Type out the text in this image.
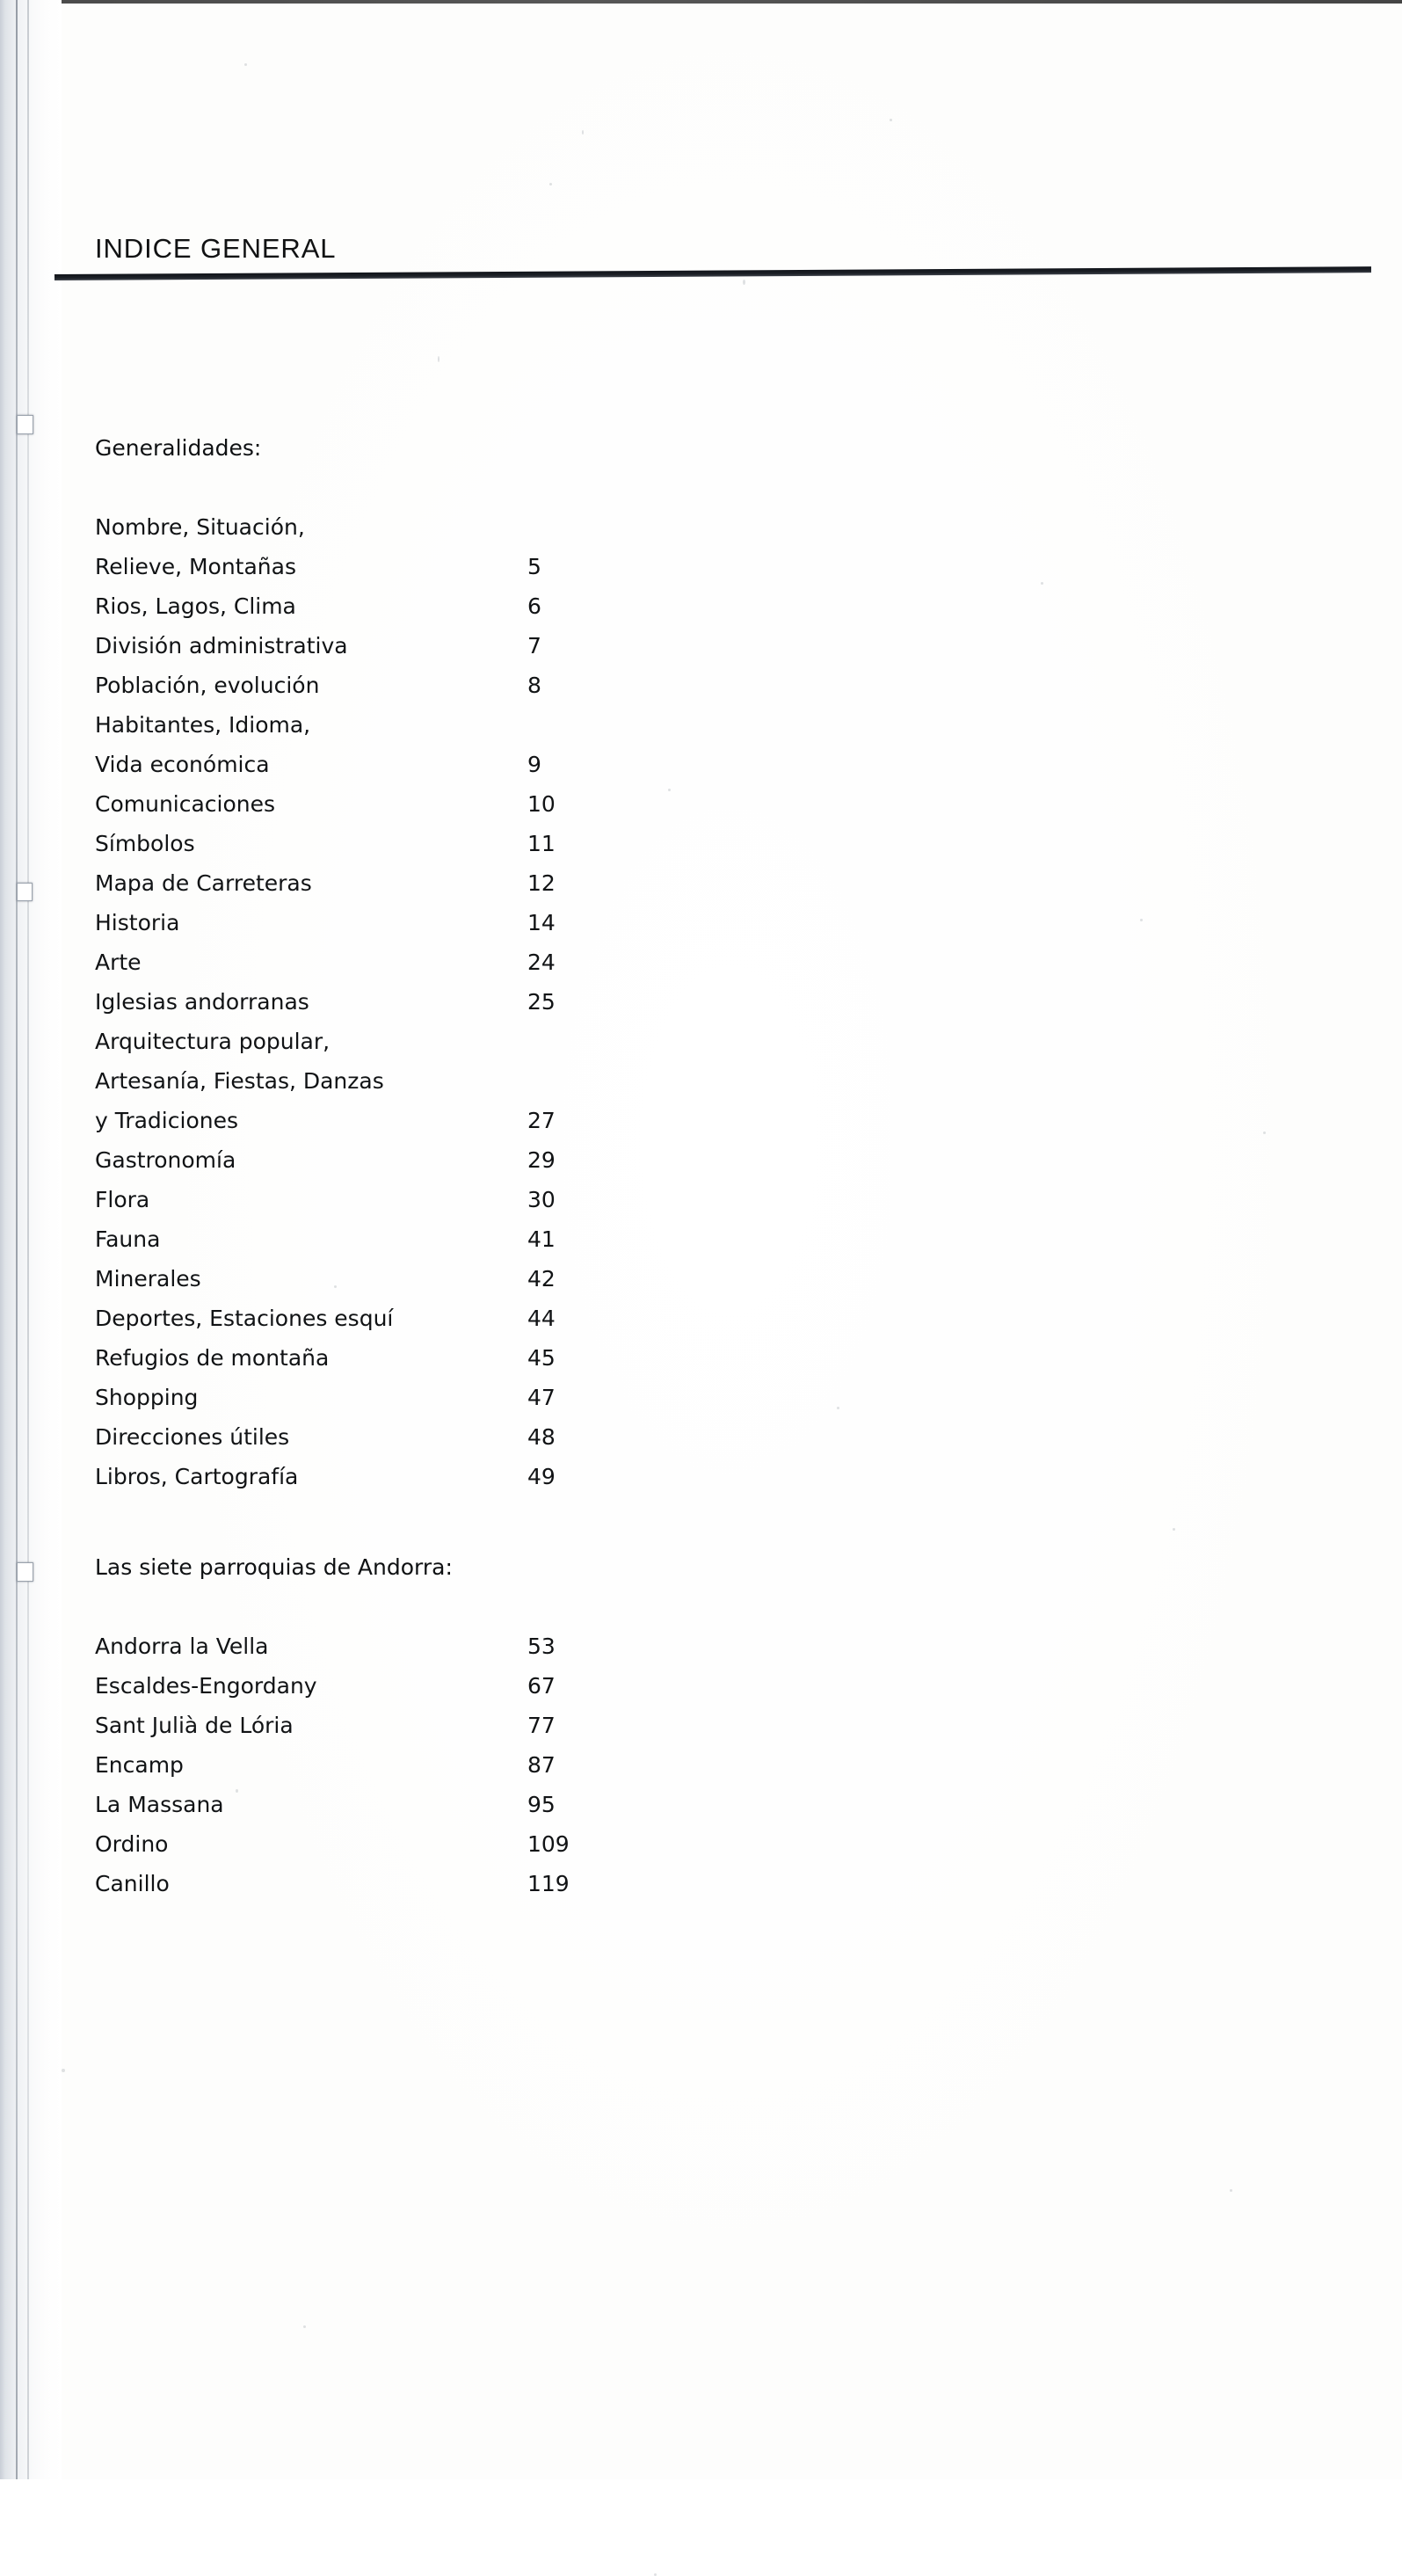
INDICE GENERAL
Generalidades:
Nombre, Situación,
Relieve, Montañas	5
Rios, Lagos, Clima	6
División administrativa	7
Población, evolución	8
Habitantes, Idioma,
Vida económica	9
Comunicaciones	10
Símbolos	11
Mapa de Carreteras	12
Historia	14
Arte	24
Iglesias andorranas	25
Arquitectura popular,
Artesanía, Fiestas, Danzas
y Tradiciones	27
Gastronomía	29
Flora	30
Fauna	41
Minerales	42
Deportes, Estaciones esquí	44
Refugios de montaña	45
Shopping	47
Direcciones útiles	48
Libros, Cartografía	49
Las siete parroquias de Andorra:
Andorra la Vella	53
Escaldes-Engordany	67
Sant Julià de Lória	77
Encamp	87
La Massana	95
Ordino	109
Canillo	119
